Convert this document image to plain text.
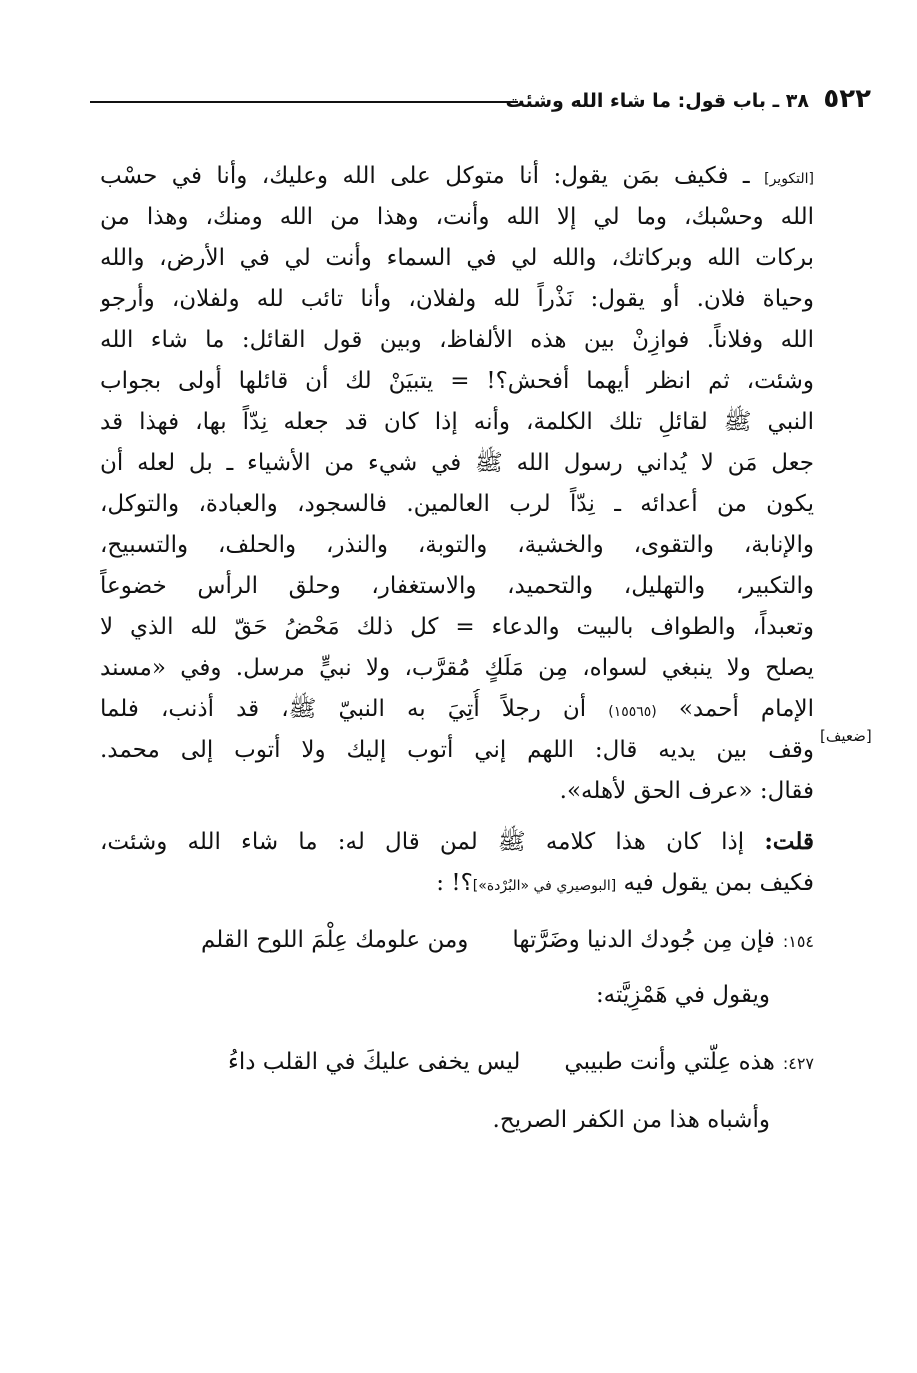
٥٢٢
٣٨ ـ باب قول: ما شاء الله وشئت
[التكوير] ـ فكيف بمَن يقول: أنا متوكل على الله وعليك، وأنا في حسْب
الله وحسْبك، وما لي إلا الله وأنت، وهذا من الله ومنك، وهذا من
بركات الله وبركاتك، والله لي في السماء وأنت لي في الأرض، والله
وحياة فلان. أو يقول: نَذْراً لله ولفلان، وأنا تائب لله ولفلان، وأرجو
الله وفلاناً. فوازِنْ بين هذه الألفاظ، وبين قول القائل: ما شاء الله
وشئت، ثم انظر أيهما أفحش؟! = يتبيَنْ لك أن قائلها أولى بجواب
النبي ﷺ لقائلِ تلك الكلمة، وأنه إذا كان قد جعله نِدّاً بها، فهذا قد
جعل مَن لا يُداني رسول الله ﷺ في شيء من الأشياء ـ بل لعله أن
يكون من أعدائه ـ نِدّاً لرب العالمين. فالسجود، والعبادة، والتوكل،
والإنابة، والتقوى، والخشية، والتوبة، والنذر، والحلف، والتسبيح،
والتكبير، والتهليل، والتحميد، والاستغفار، وحلق الرأس خضوعاً
وتعبداً، والطواف بالبيت والدعاء = كل ذلك مَحْضُ حَقّ لله الذي لا
يصلح ولا ينبغي لسواه، مِن مَلَكٍ مُقرَّب، ولا نبيٍّ مرسل. وفي «مسند
الإمام أحمد» (١٥٥٦٥) أن رجلاً أُتِيَ به النبيّ ﷺ، قد أذنب، فلما
[ضعيف]
وقف بين يديه قال: اللهم إني أتوب إليك ولا أتوب إلى محمد.
فقال: «عرف الحق لأهله».
قلت: إذا كان هذا كلامه ﷺ لمن قال له: ما شاء الله وشئت،
فكيف بمن يقول فيه [البوصيري في «البُرْدة»]؟! :
١٥٤:فإن مِن جُودك الدنيا وضَرَّتهاومن علومك عِلْمَ اللوح القلم
ويقول في هَمْزِيَّته:
٤٢٧:هذه عِلّتي وأنت طبيبيليس يخفى عليكَ في القلب داءُ
وأشباه هذا من الكفر الصريح.
